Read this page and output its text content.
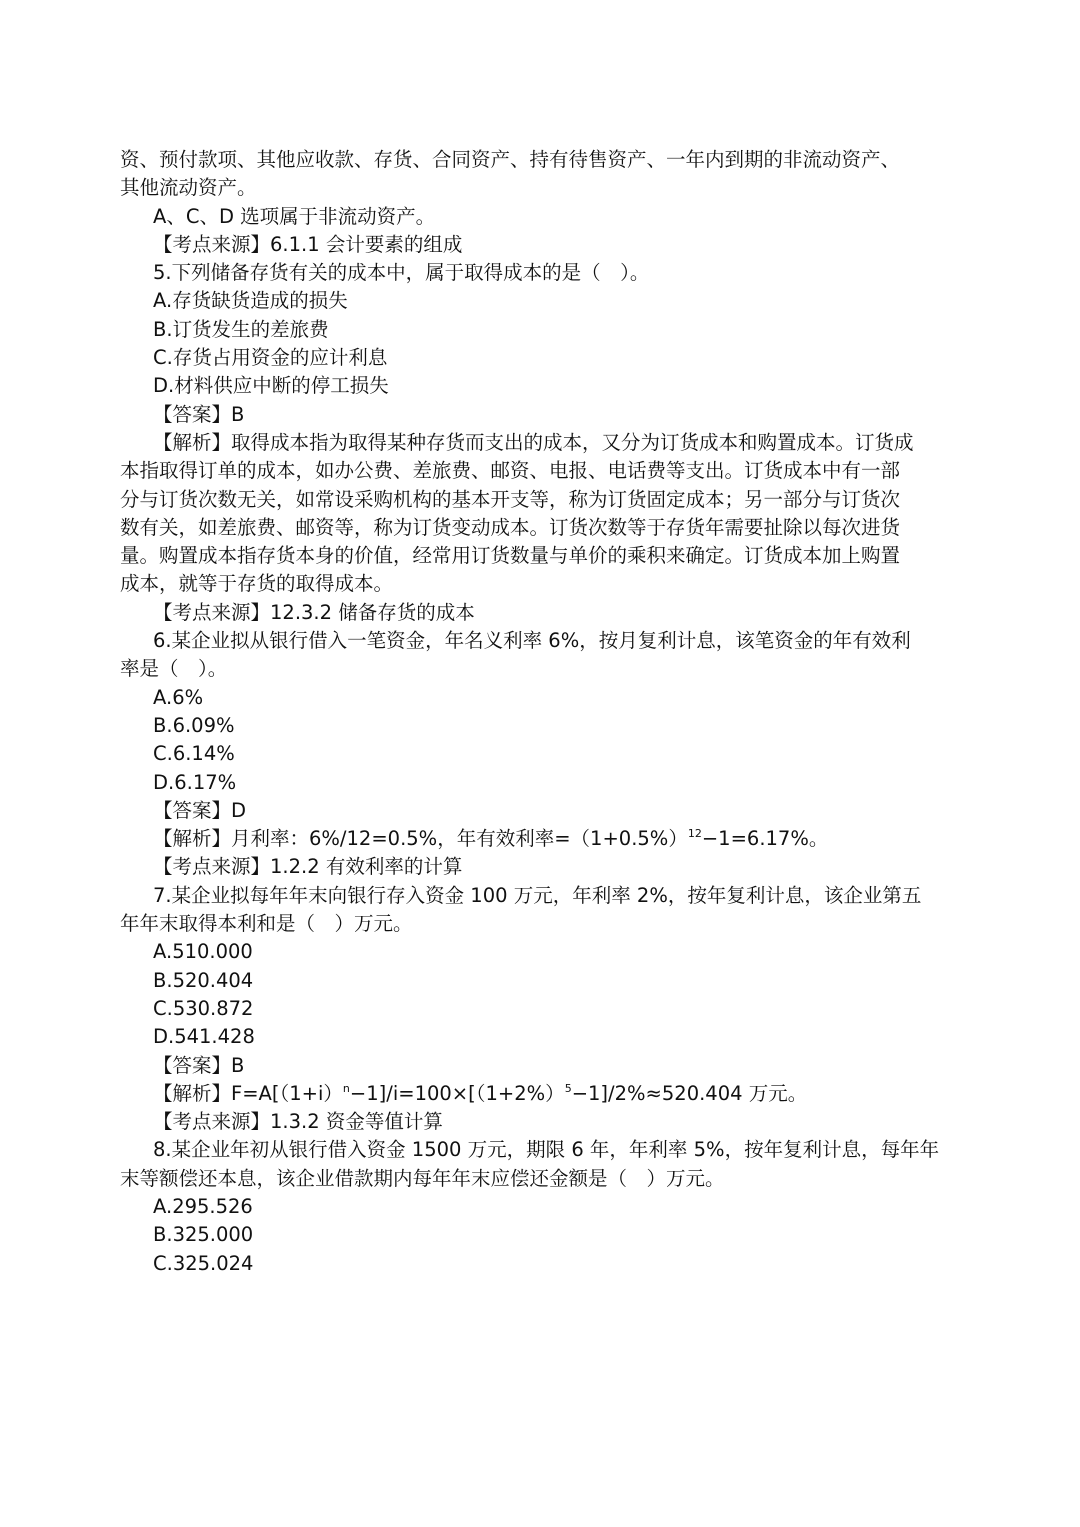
资、预付款项、其他应收款、存货、合同资产、持有待售资产、一年内到期的非流动资产、
其他流动资产。
A、C、D 选项属于非流动资产。
【考点来源】6.1.1 会计要素的组成
5.下列储备存货有关的成本中，属于取得成本的是（　）。
A.存货缺货造成的损失
B.订货发生的差旅费
C.存货占用资金的应计利息
D.材料供应中断的停工损失
【答案】B
【解析】取得成本指为取得某种存货而支出的成本，又分为订货成本和购置成本。订货成
本指取得订单的成本，如办公费、差旅费、邮资、电报、电话费等支出。订货成本中有一部
分与订货次数无关，如常设采购机构的基本开支等，称为订货固定成本；另一部分与订货次
数有关，如差旅费、邮资等，称为订货变动成本。订货次数等于存货年需要扯除以每次进货
量。购置成本指存货本身的价值，经常用订货数量与单价的乘积来确定。订货成本加上购置
成本，就等于存货的取得成本。
【考点来源】12.3.2 储备存货的成本
6.某企业拟从银行借入一笔资金，年名义利率 6%，按月复利计息，该笔资金的年有效利
率是（　）。
A.6%
B.6.09%
C.6.14%
D.6.17%
【答案】D
【解析】月利率：6%/12=0.5%，年有效利率$=(1+0.5\%)^{12}-1=6.17\%$。
【考点来源】1.2.2 有效利率的计算
7.某企业拟每年年末向银行存入资金 100 万元，年利率 2%，按年复利计息，该企业第五
年年末取得本利和是（　）万元。
A.510.000
B.520.404
C.530.872
D.541.428
【答案】B
【解析】$F=A[(1+i)^n-1]/i=100\times[(1+2\%)^5-1]/2\%\approx 520.404$ 万元。
【考点来源】1.3.2 资金等值计算
8.某企业年初从银行借入资金 1500 万元，期限 6 年，年利率 5%，按年复利计息，每年年
末等额偿还本息，该企业借款期内每年年末应偿还金额是（　）万元。
A.295.526
B.325.000
C.325.024
